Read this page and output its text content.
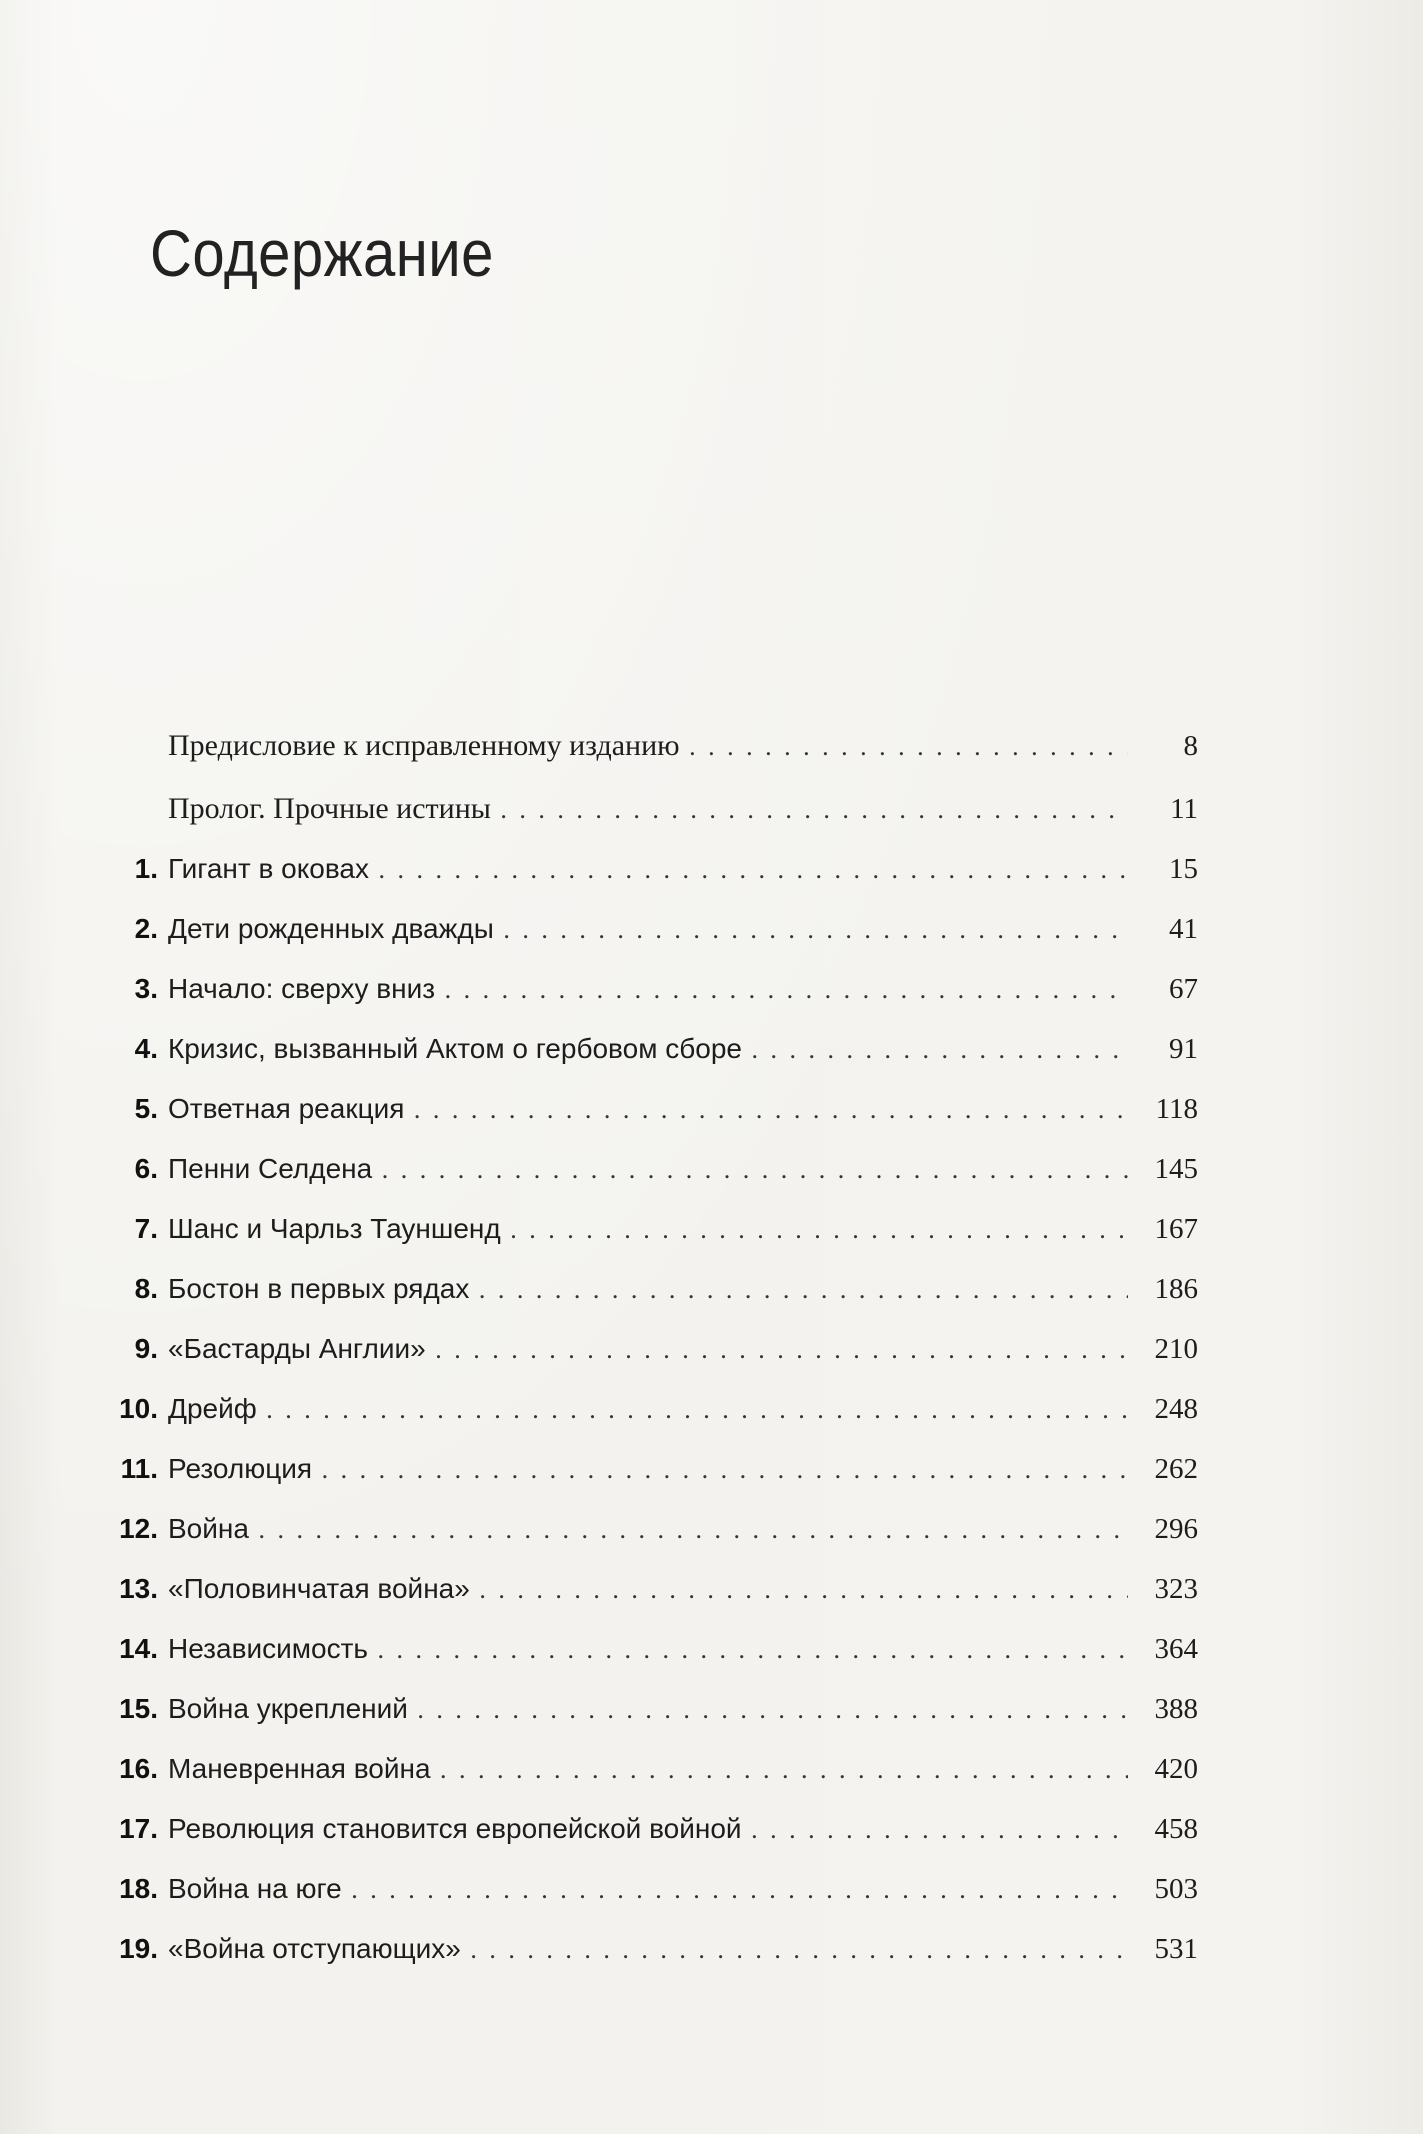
Содержание
Предисловие к исправленному изданию . . .	8
Пролог. Прочные истины . . .	11
1. Гигант в оковах . . .	15
2. Дети рожденных дважды . . .	41
3. Начало: сверху вниз . . .	67
4. Кризис, вызванный Актом о гербовом сборе . . .	91
5. Ответная реакция . . .	118
6. Пенни Селдена . . .	145
7. Шанс и Чарльз Тауншенд . . .	167
8. Бостон в первых рядах . . .	186
9. «Бастарды Англии» . . .	210
10. Дрейф . . .	248
11. Резолюция . . .	262
12. Война . . .	296
13. «Половинчатая война» . . .	323
14. Независимость . . .	364
15. Война укреплений . . .	388
16. Маневренная война . . .	420
17. Революция становится европейской войной . . .	458
18. Война на юге . . .	503
19. «Война отступающих» . . .	531
